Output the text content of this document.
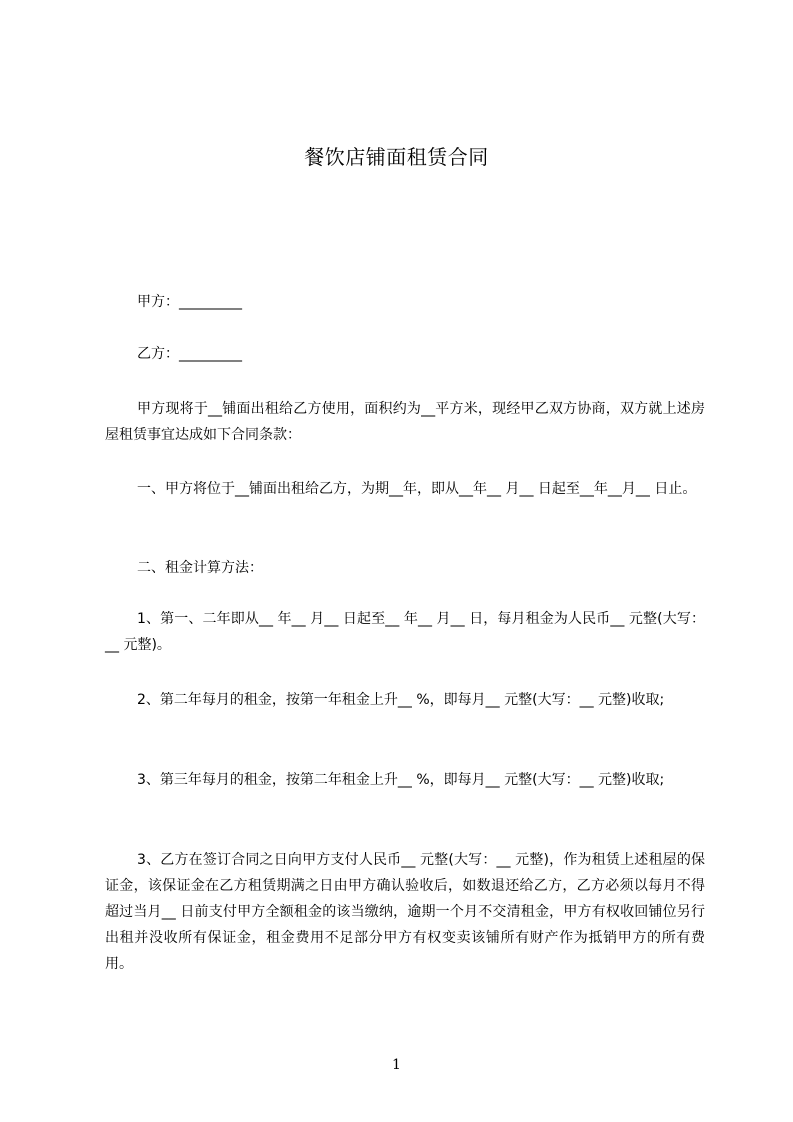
餐饮店铺面租赁合同

甲方：_________

乙方：_________

甲方现将于__铺面出租给乙方使用，面积约为__平方米，现经甲乙双方协商，双方就上述房屋租赁事宜达成如下合同条款：

一、甲方将位于__铺面出租给乙方，为期__年，即从__年__ 月__ 日起至__年__月__ 日止。

二、租金计算方法：

1、第一、二年即从__ 年__ 月__ 日起至__ 年__ 月__ 日，每月租金为人民币__ 元整(大写：__ 元整)。

2、第二年每月的租金，按第一年租金上升__ %，即每月__ 元整(大写：__ 元整)收取;

3、第三年每月的租金，按第二年租金上升__ %，即每月__ 元整(大写：__ 元整)收取;

3、乙方在签订合同之日向甲方支付人民币__ 元整(大写：__ 元整)，作为租赁上述租屋的保证金，该保证金在乙方租赁期满之日由甲方确认验收后，如数退还给乙方，乙方必须以每月不得超过当月__ 日前支付甲方全额租金的该当缴纳，逾期一个月不交清租金，甲方有权收回铺位另行出租并没收所有保证金，租金费用不足部分甲方有权变卖该铺所有财产作为抵销甲方的所有费用。

1
